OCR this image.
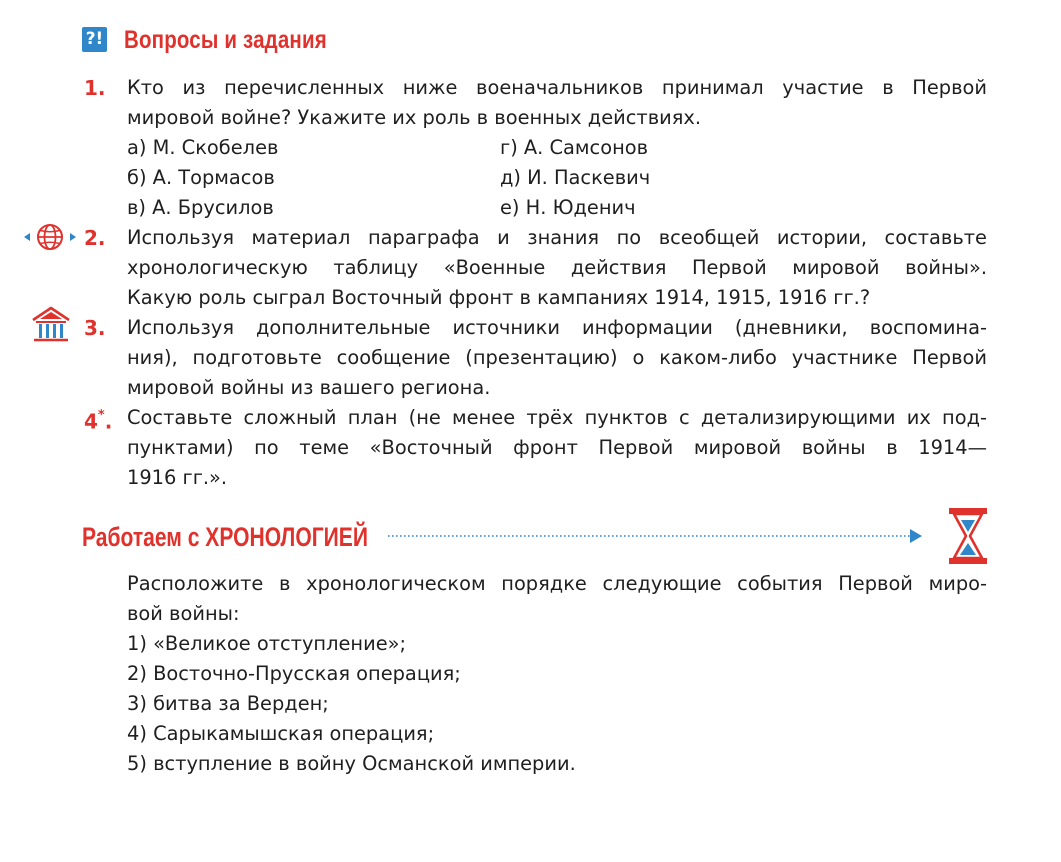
?! Вопросы и задания
1. Кто из перечисленных ниже военачальников принимал участие в Первой
мировой войне? Укажите их роль в военных действиях.
а) М. Скобелев
б) А. Тормасов
в) А. Брусилов
г) А. Самсонов
д) И. Паскевич
е) Н. Юденич
2. Используя материал параграфа и знания по всеобщей истории, составьте
хронологическую таблицу «Военные действия Первой мировой войны».
Какую роль сыграл Восточный фронт в кампаниях 1914, 1915, 1916 гг.?
3. Используя дополнительные источники информации (дневники, воспомина-
ния), подготовьте сообщение (презентацию) о каком-либо участнике Первой
мировой войны из вашего региона.
4*. Составьте сложный план (не менее трёх пунктов с детализирующими их под-
пунктами) по теме «Восточный фронт Первой мировой войны в 1914—
1916 гг.».
Работаем с ХРОНОЛОГИЕЙ
Расположите в хронологическом порядке следующие события Первой миро-
вой войны:
1) «Великое отступление»;
2) Восточно-Прусская операция;
3) битва за Верден;
4) Сарыкамышская операция;
5) вступление в войну Османской империи.
